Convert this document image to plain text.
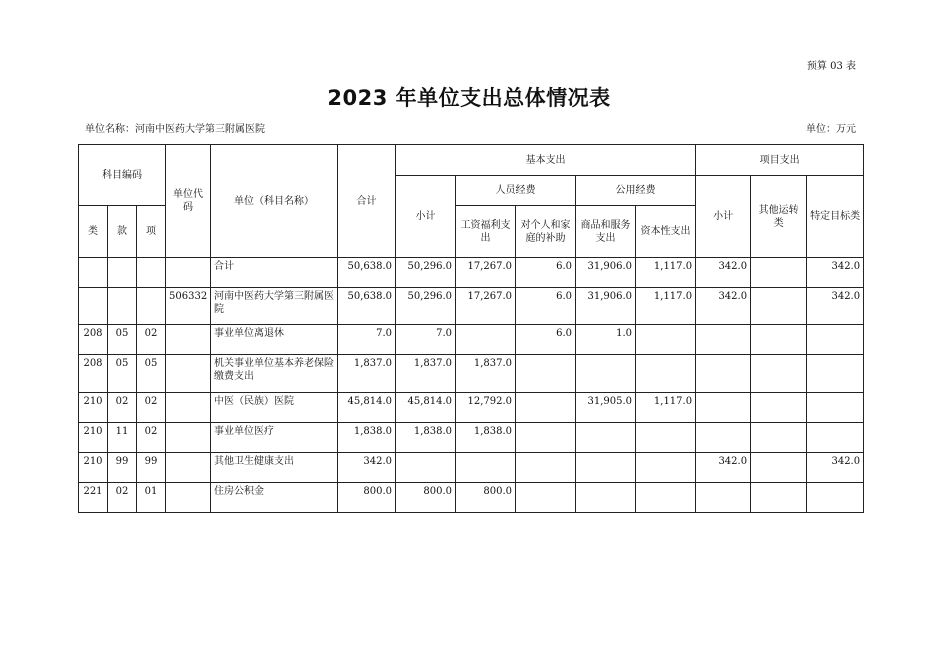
预算 03 表
2023 年单位支出总体情况表
单位名称：河南中医药大学第三附属医院	单位：万元
科目编码			单位代码	单位（科目名称）	合计	基本支出					项目支出		
						小计	人员经费		公用经费		小计	其他运转类	特定目标类
类	款	项					工资福利支出	对个人和家庭的补助	商品和服务支出	资本性支出			
				合计	50,638.0	50,296.0	17,267.0	6.0	31,906.0	1,117.0	342.0		342.0
			506332	河南中医药大学第三附属医院	50,638.0	50,296.0	17,267.0	6.0	31,906.0	1,117.0	342.0		342.0
208	05	02		事业单位离退休	7.0	7.0		6.0	1.0				
208	05	05		机关事业单位基本养老保险缴费支出	1,837.0	1,837.0	1,837.0						
210	02	02		中医（民族）医院	45,814.0	45,814.0	12,792.0		31,905.0	1,117.0			
210	11	02		事业单位医疗	1,838.0	1,838.0	1,838.0						
210	99	99		其他卫生健康支出	342.0						342.0		342.0
221	02	01		住房公积金	800.0	800.0	800.0						
